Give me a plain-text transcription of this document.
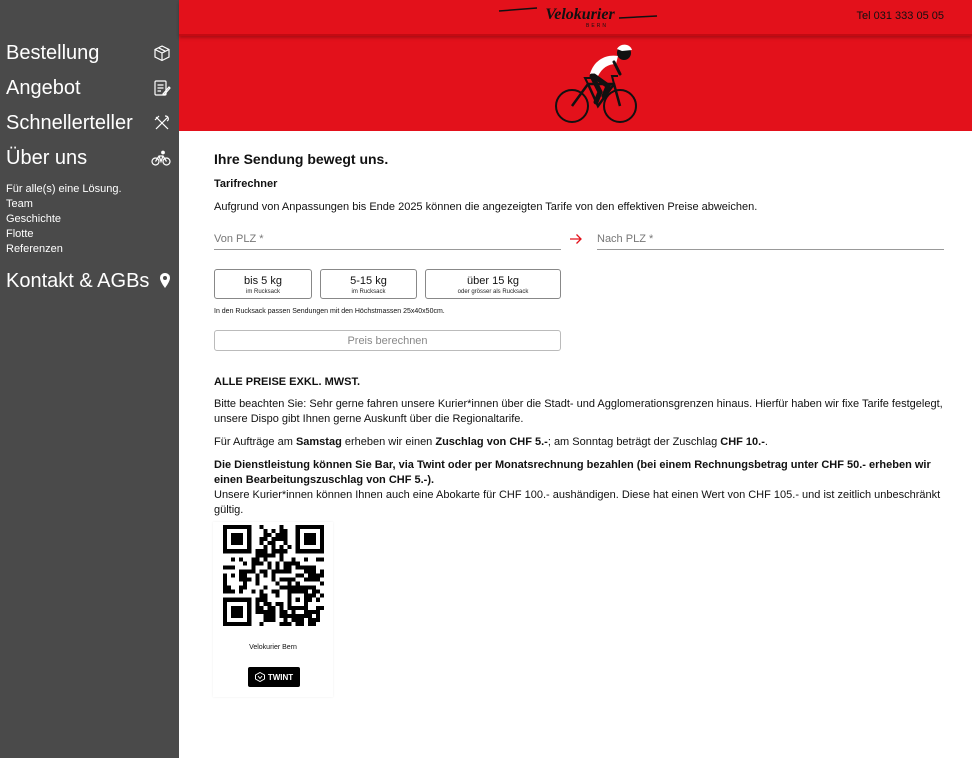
Bestellung
Angebot
Schnellerteller
Über uns
Für alle(s) eine Lösung.
Team
Geschichte
Flotte
Referenzen
Kontakt & AGBs
Velokurier
BERN
Tel 031 333 05 05
Ihre Sendung bewegt uns.
Tarifrechner
Aufgrund von Anpassungen bis Ende 2025 können die angezeigten Tarife von den effektiven Preise abweichen.
Von PLZ *
Nach PLZ *
bis 5 kg
im Rucksack
5-15 kg
im Rucksack
über 15 kg
oder grösser als Rucksack
In den Rucksack passen Sendungen mit den Höchstmassen 25x40x50cm.
Preis berechnen
ALLE PREISE EXKL. MWST.
Bitte beachten Sie: Sehr gerne fahren unsere Kurier*innen über die Stadt- und Agglomerationsgrenzen hinaus. Hierfür haben wir fixe Tarife festgelegt, unsere Dispo gibt Ihnen gerne Auskunft über die Regionaltarife.
Für Aufträge am Samstag erheben wir einen Zuschlag von CHF 5.-; am Sonntag beträgt der Zuschlag CHF 10.-.
Die Dienstleistung können Sie Bar, via Twint oder per Monatsrechnung bezahlen (bei einem Rechnungsbetrag unter CHF 50.- erheben wir einen Bearbeitungszuschlag von CHF 5.-).
Unsere Kurier*innen können Ihnen auch eine Abokarte für CHF 100.- aushändigen. Diese hat einen Wert von CHF 105.- und ist zeitlich unbeschränkt gültig.
Velokurier Bern
TWINT
